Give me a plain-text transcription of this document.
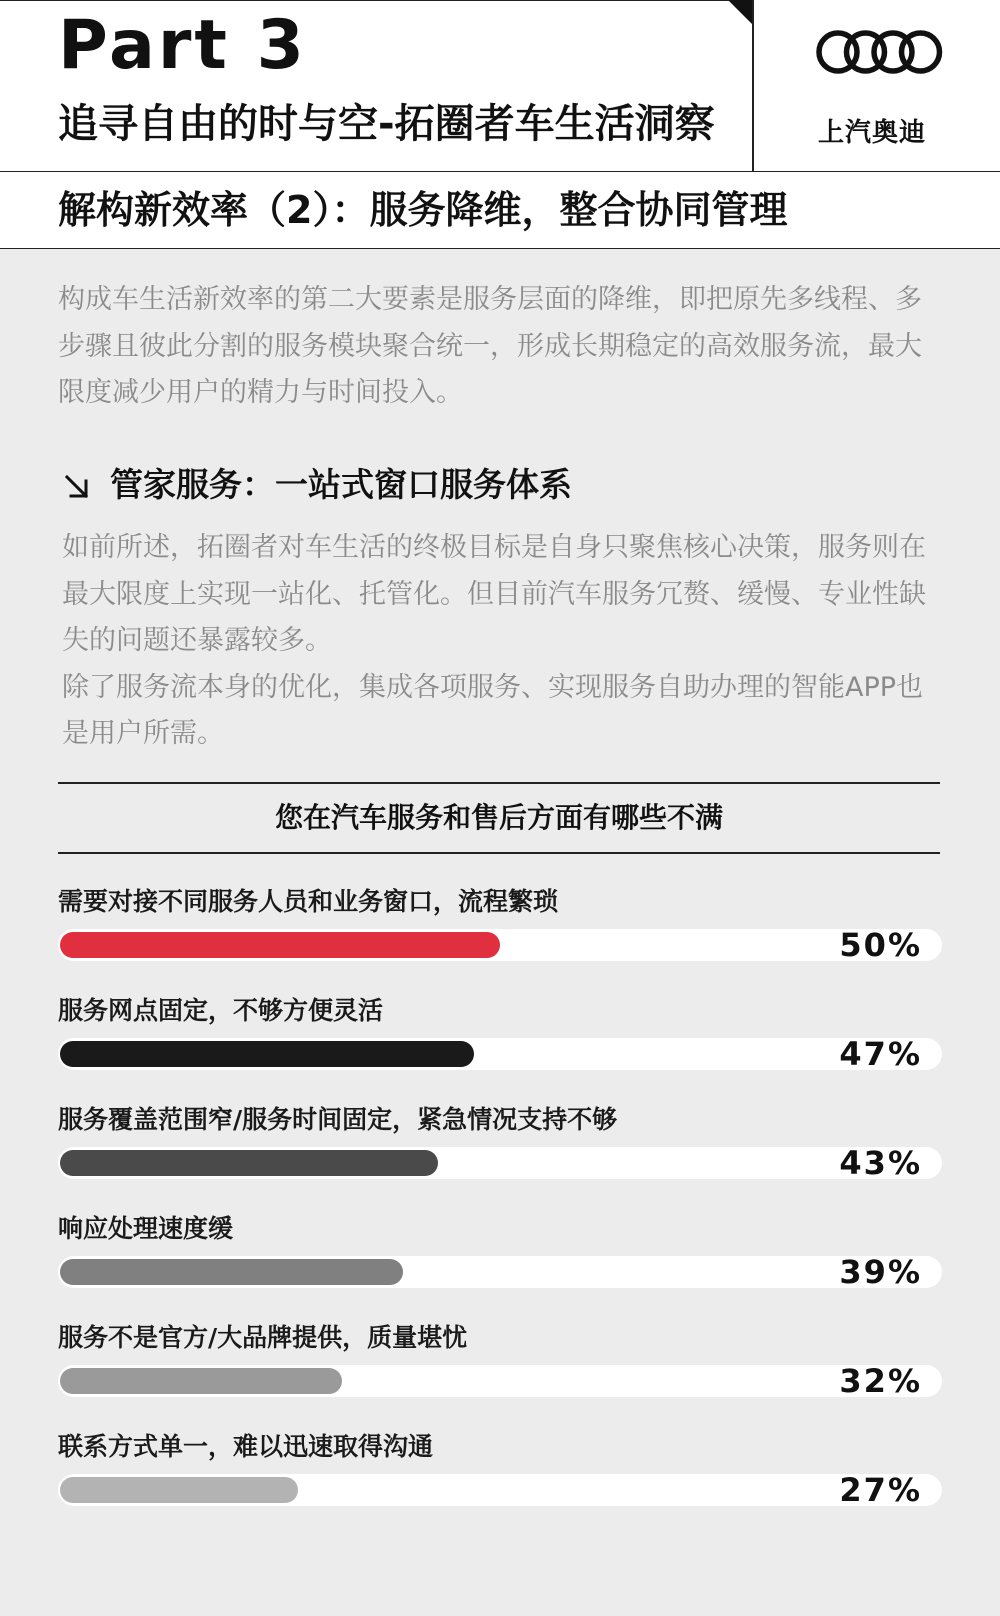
Part 3
追寻自由的时与空-拓圈者车生活洞察	上汽奥迪
解构新效率（2）：服务降维，整合协同管理
构成车生活新效率的第二大要素是服务层面的降维，即把原先多线程、多步骤且彼此分割的服务模块聚合统一，形成长期稳定的高效服务流，最大限度减少用户的精力与时间投入。
管家服务：一站式窗口服务体系

如前所述，拓圈者对车生活的终极目标是自身只聚焦核心决策，服务则在最大限度上实现一站化、托管化。但目前汽车服务冗赘、缓慢、专业性缺失的问题还暴露较多。

除了服务流本身的优化，集成各项服务、实现服务自助办理的智能APP也是用户所需。

您在汽车服务和售后方面有哪些不满
需要对接不同服务人员和业务窗口，流程繁琐
50%
服务网点固定，不够方便灵活
47%
服务覆盖范围窄/服务时间固定，紧急情况支持不够
43%
响应处理速度缓
39%
服务不是官方/大品牌提供，质量堪忧
32%
联系方式单一，难以迅速取得沟通
27%
